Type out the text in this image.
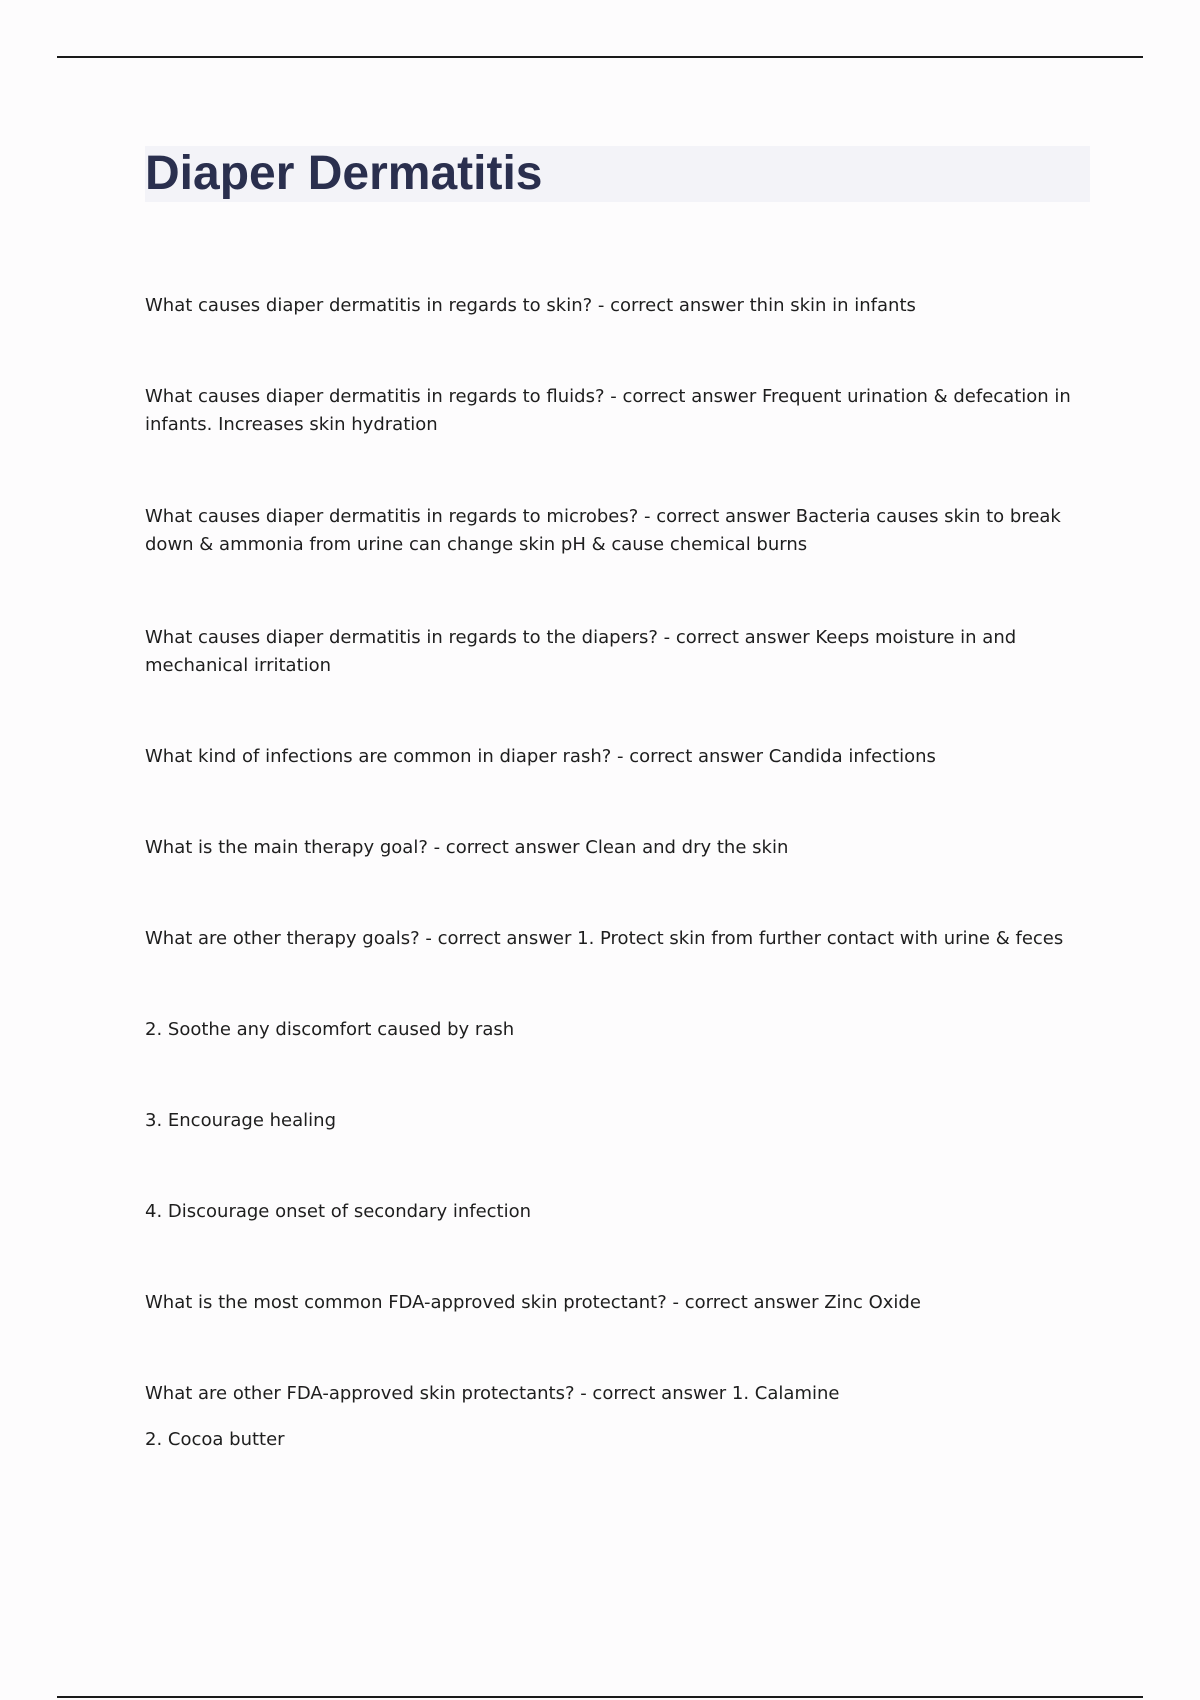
Diaper Dermatitis

What causes diaper dermatitis in regards to skin? - correct answer thin skin in infants

What causes diaper dermatitis in regards to fluids? - correct answer Frequent urination & defecation in infants. Increases skin hydration

What causes diaper dermatitis in regards to microbes? - correct answer Bacteria causes skin to break down & ammonia from urine can change skin pH & cause chemical burns

What causes diaper dermatitis in regards to the diapers? - correct answer Keeps moisture in and mechanical irritation

What kind of infections are common in diaper rash? - correct answer Candida infections

What is the main therapy goal? - correct answer Clean and dry the skin

What are other therapy goals? - correct answer 1. Protect skin from further contact with urine & feces

2. Soothe any discomfort caused by rash

3. Encourage healing

4. Discourage onset of secondary infection

What is the most common FDA-approved skin protectant? - correct answer Zinc Oxide

What are other FDA-approved skin protectants? - correct answer 1. Calamine

2. Cocoa butter
